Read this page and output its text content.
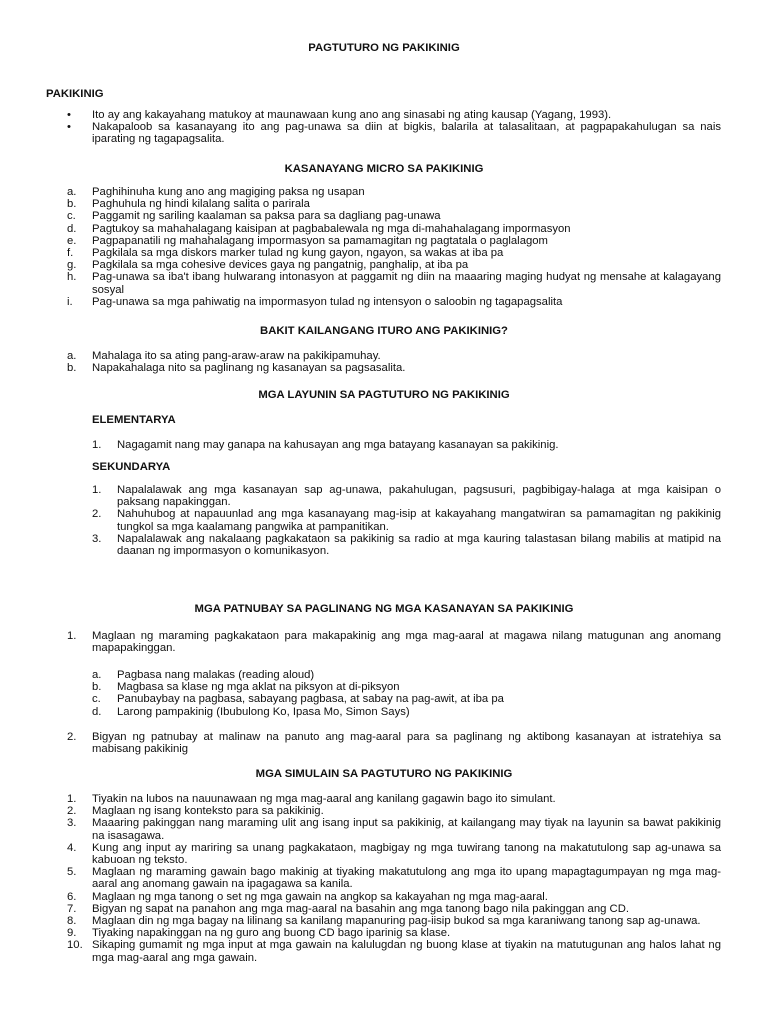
PAGTUTURO NG PAKIKINIG
PAKIKINIG
• Ito ay ang kakayahang matukoy at maunawaan kung ano ang sinasabi ng ating kausap (Yagang, 1993).
• Nakapaloob sa kasanayang ito ang pag-unawa sa diin at bigkis, balarila at talasalitaan, at pagpapakahulugan sa nais iparating ng tagapagsalita.
KASANAYANG MICRO SA PAKIKINIG
a. Paghihinuha kung ano ang magiging paksa ng usapan
b. Paghuhula ng hindi kilalang salita o parirala
c. Paggamit ng sariling kaalaman sa paksa para sa dagliang pag-unawa
d. Pagtukoy sa mahahalagang kaisipan at pagbabalewala ng mga di-mahahalagang impormasyon
e. Pagpapanatili ng mahahalagang impormasyon sa pamamagitan ng pagtatala o paglalagom
f. Pagkilala sa mga diskors marker tulad ng kung gayon, ngayon, sa wakas at iba pa
g. Pagkilala sa mga cohesive devices gaya ng pangatnig, panghalip, at iba pa
h. Pag-unawa sa iba't ibang hulwarang intonasyon at paggamit ng diin na maaaring maging hudyat ng mensahe at kalagayang sosyal
i. Pag-unawa sa mga pahiwatig na impormasyon tulad ng intensyon o saloobin ng tagapagsalita
BAKIT KAILANGANG ITURO ANG PAKIKINIG?
a. Mahalaga ito sa ating pang-araw-araw na pakikipamuhay.
b. Napakahalaga nito sa paglinang ng kasanayan sa pagsasalita.
MGA LAYUNIN SA PAGTUTURO NG PAKIKINIG
ELEMENTARYA
1. Nagagamit nang may ganapa na kahusayan ang mga batayang kasanayan sa pakikinig.
SEKUNDARYA
1. Napalalawak ang mga kasanayan sap ag-unawa, pakahulugan, pagsusuri, pagbibigay-halaga at mga kaisipan o paksang napakinggan.
2. Nahuhubog at napauunlad ang mga kasanayang mag-isip at kakayahang mangatwiran sa pamamagitan ng pakikinig tungkol sa mga kaalamang pangwika at pampanitikan.
3. Napalalawak ang nakalaang pagkakataon sa pakikinig sa radio at mga kauring talastasan bilang mabilis at matipid na daanan ng impormasyon o komunikasyon.
MGA PATNUBAY SA PAGLINANG NG MGA KASANAYAN SA PAKIKINIG
1. Maglaan ng maraming pagkakataon para makapakinig ang mga mag-aaral at magawa nilang matugunan ang anomang mapapakinggan.
a. Pagbasa nang malakas (reading aloud)
b. Magbasa sa klase ng mga aklat na piksyon at di-piksyon
c. Panubaybay na pagbasa, sabayang pagbasa, at sabay na pag-awit, at iba pa
d. Larong pampakinig (Ibubulong Ko, Ipasa Mo, Simon Says)
2. Bigyan ng patnubay at malinaw na panuto ang mag-aaral para sa paglinang ng aktibong kasanayan at istratehiya sa mabisang pakikinig
MGA SIMULAIN SA PAGTUTURO NG PAKIKINIG
1. Tiyakin na lubos na nauunawaan ng mga mag-aaral ang kanilang gagawin bago ito simulant.
2. Maglaan ng isang konteksto para sa pakikinig.
3. Maaaring pakinggan nang maraming ulit ang isang input sa pakikinig, at kailangang may tiyak na layunin sa bawat pakikinig na isasagawa.
4. Kung ang input ay mariring sa unang pagkakataon, magbigay ng mga tuwirang tanong na makatutulong sap ag-unawa sa kabuoan ng teksto.
5. Maglaan ng maraming gawain bago makinig at tiyaking makatutulong ang mga ito upang mapagtagumpayan ng mga mag-aaral ang anomang gawain na ipagagawa sa kanila.
6. Maglaan ng mga tanong o set ng mga gawain na angkop sa kakayahan ng mga mag-aaral.
7. Bigyan ng sapat na panahon ang mga mag-aaral na basahin ang mga tanong bago nila pakinggan ang CD.
8. Maglaan din ng mga bagay na lilinang sa kanilang mapanuring pag-iisip bukod sa mga karaniwang tanong sap ag-unawa.
9. Tiyaking napakinggan na ng guro ang buong CD bago iparinig sa klase.
10. Sikaping gumamit ng mga input at mga gawain na kalulugdan ng buong klase at tiyakin na matutugunan ang halos lahat ng mga mag-aaral ang mga gawain.
